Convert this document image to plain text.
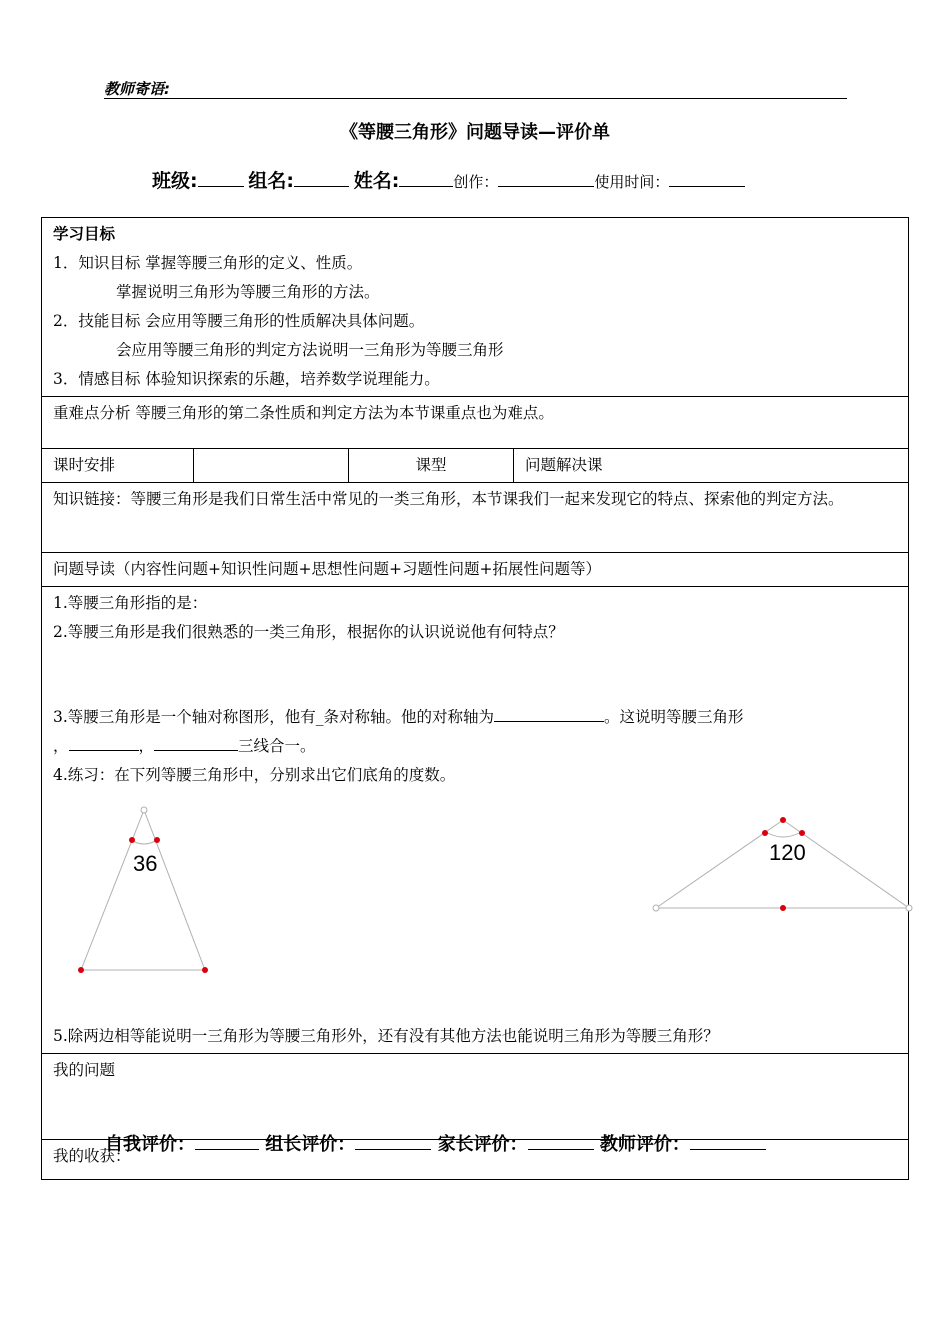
教师寄语:
《等腰三角形》问题导读—评价单
班级:	组名:	姓名:	创作：	使用时间：
学习目标
1．知识目标 掌握等腰三角形的定义、性质。
掌握说明三角形为等腰三角形的方法。
2．技能目标 会应用等腰三角形的性质解决具体问题。
会应用等腰三角形的判定方法说明一三角形为等腰三角形
3．情感目标 体验知识探索的乐趣，培养数学说理能力。

重难点分析 等腰三角形的第二条性质和判定方法为本节课重点也为难点。
课时安排		课型	问题解决课
知识链接：等腰三角形是我们日常生活中常见的一类三角形，本节课我们一起来发现它的特点、探索他的判定方法。
问题导读（内容性问题+知识性问题+思想性问题+习题性问题+拓展性问题等）

1.等腰三角形指的是：
2.等腰三角形是我们很熟悉的一类三角形，根据你的认识说说他有何特点？
3.等腰三角形是一个轴对称图形，他有_条对称轴。他的对称轴为	。这说明等腰三角形
，	，	三线合一。
4.练习：在下列等腰三角形中，分别求出它们底角的度数。
36	120
5.除两边相等能说明一三角形为等腰三角形外，还有没有其他方法也能说明三角形为等腰三角形？

我的问题
我的收获：
自我评价：	组长评价：	家长评价：	教师评价：
